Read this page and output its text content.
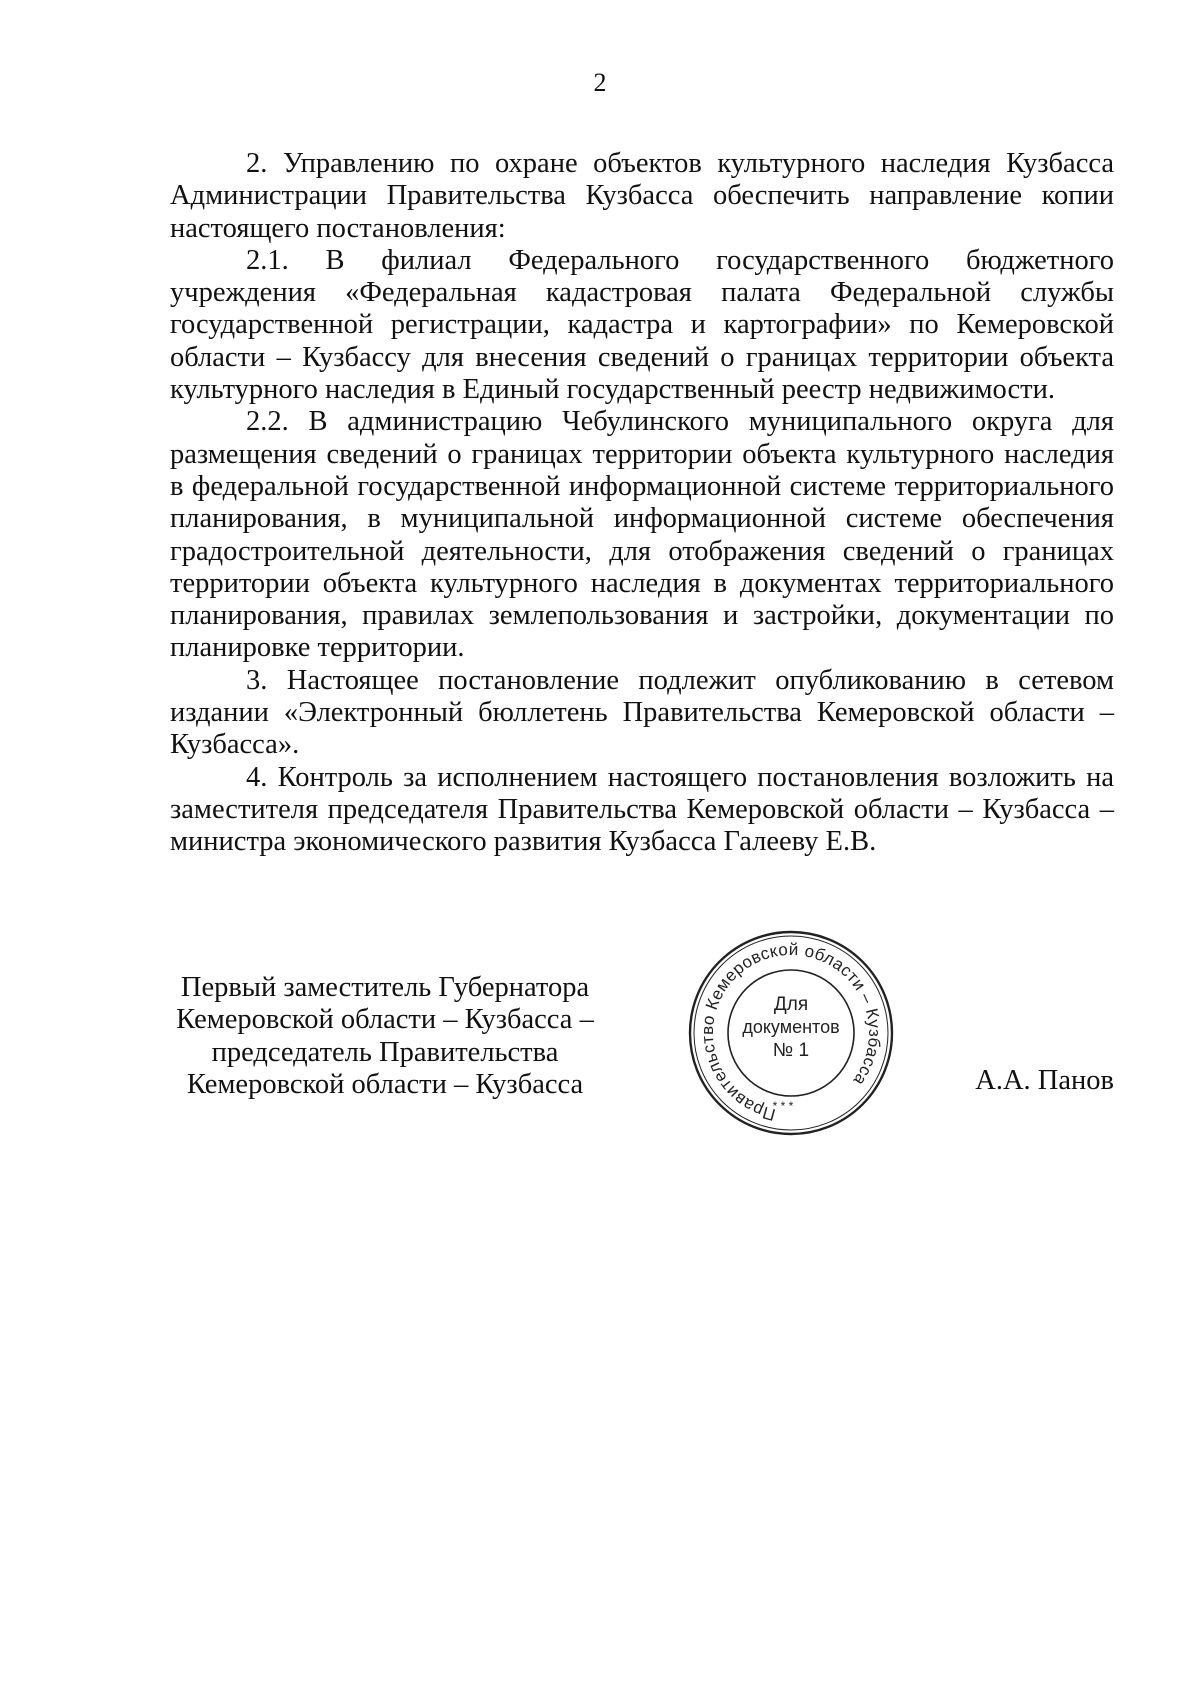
2

2. Управлению по охране объектов культурного наследия Кузбасса Администрации Правительства Кузбасса обеспечить направление копии настоящего постановления:

2.1. В филиал Федерального государственного бюджетного учреждения «Федеральная кадастровая палата Федеральной службы государственной регистрации, кадастра и картографии» по Кемеровской области – Кузбассу для внесения сведений о границах территории объекта культурного наследия в Единый государственный реестр недвижимости.

2.2. В администрацию Чебулинского муниципального округа для размещения сведений о границах территории объекта культурного наследия в федеральной государственной информационной системе территориального планирования, в муниципальной информационной системе обеспечения градостроительной деятельности, для отображения сведений о границах территории объекта культурного наследия в документах территориального планирования, правилах землепользования и застройки, документации по планировке территории.

3. Настоящее постановление подлежит опубликованию в сетевом издании «Электронный бюллетень Правительства Кемеровской области – Кузбасса».

4. Контроль за исполнением настоящего постановления возложить на заместителя председателя Правительства Кемеровской области – Кузбасса – министра экономического развития Кузбасса Галееву Е.В.

Первый заместитель Губернатора
Кемеровской области – Кузбасса –
председатель Правительства
Кемеровской области – Кузбасса
Правительство Кемеровской области – Кузбасса
Для
документов
№ 1
* * *
А.А. Панов
